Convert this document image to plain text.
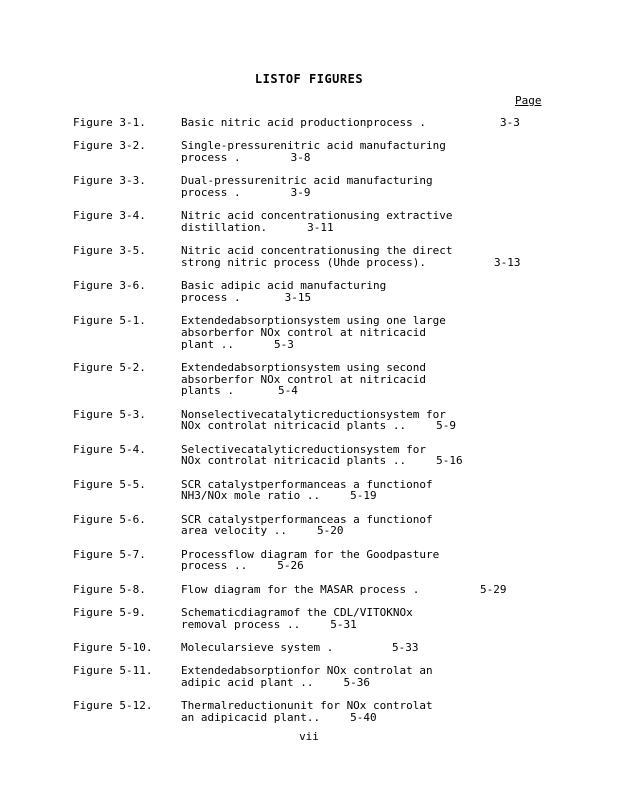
LISTOF FIGURES
Page
Figure 3-1.	Basic nitric acid productionprocess .	3-3
Figure 3-2.	Single-pressurenitric acid manufacturing
process .	3-8
Figure 3-3.	Dual-pressurenitric acid manufacturing
process .	3-9
Figure 3-4.	Nitric acid concentrationusing extractive
distillation.	3-11
Figure 3-5.	Nitric acid concentrationusing the direct
strong nitric process (Uhde process).	3-13
Figure 3-6.	Basic adipic acid manufacturing
process .	3-15
Figure 5-1.	Extendedabsorptionsystem using one large
absorberfor NOx control at nitricacid
plant ..	5-3
Figure 5-2.	Extendedabsorptionsystem using second
absorberfor NOx control at nitricacid
plants .	5-4
Figure 5-3.	Nonselectivecatalyticreductionsystem for
NOx controlat nitricacid plants ..	5-9
Figure 5-4.	Selectivecatalyticreductionsystem for
NOx controlat nitricacid plants ..	5-16
Figure 5-5.	SCR catalystperformanceas a functionof
NH3/NOx mole ratio ..	5-19
Figure 5-6.	SCR catalystperformanceas a functionof
area velocity ..	5-20
Figure 5-7.	Processflow diagram for the Goodpasture
process ..	5-26
Figure 5-8.	Flow diagram for the MASAR process .	5-29
Figure 5-9.	Schematicdiagramof the CDL/VITOKNOx
removal process ..	5-31
Figure 5-10.	Molecularsieve system .	5-33
Figure 5-11.	Extendedabsorptionfor NOx controlat an
adipic acid plant ..	5-36
Figure 5-12.	Thermalreductionunit for NOx controlat
an adipicacid plant..	5-40
vii
